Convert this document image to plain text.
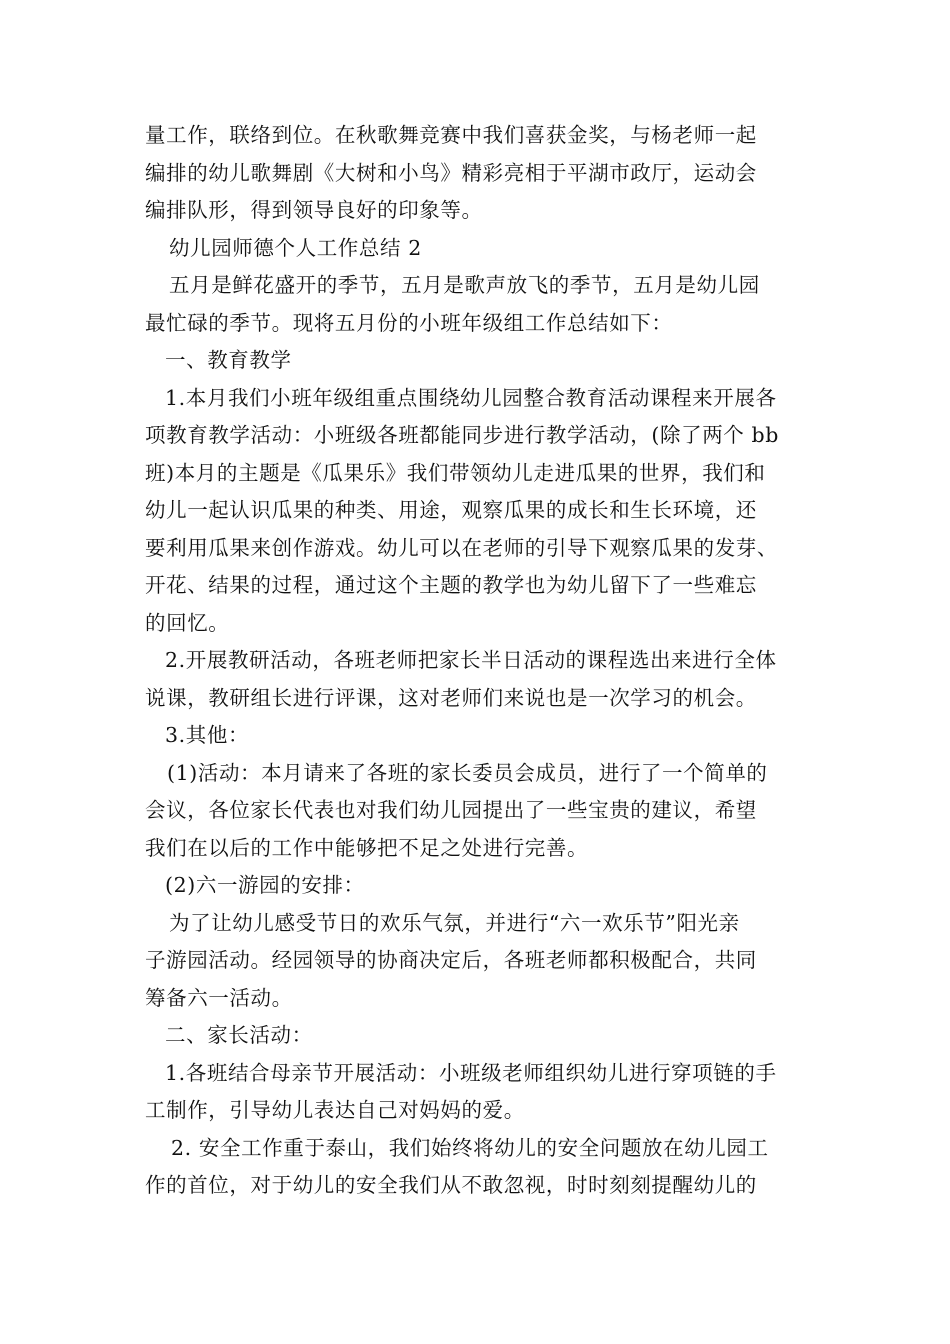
量工作，联络到位。在秋歌舞竞赛中我们喜获金奖，与杨老师一起
编排的幼儿歌舞剧《大树和小鸟》精彩亮相于平湖市政厅，运动会
编排队形，得到领导良好的印象等。
幼儿园师德个人工作总结 2
五月是鲜花盛开的季节，五月是歌声放飞的季节，五月是幼儿园
最忙碌的季节。现将五月份的小班年级组工作总结如下：
一、教育教学
1.本月我们小班年级组重点围绕幼儿园整合教育活动课程来开展各
项教育教学活动：小班级各班都能同步进行教学活动，(除了两个 bb
班)本月的主题是《瓜果乐》我们带领幼儿走进瓜果的世界，我们和
幼儿一起认识瓜果的种类、用途，观察瓜果的成长和生长环境，还
要利用瓜果来创作游戏。幼儿可以在老师的引导下观察瓜果的发芽、
开花、结果的过程，通过这个主题的教学也为幼儿留下了一些难忘
的回忆。
2.开展教研活动，各班老师把家长半日活动的课程选出来进行全体
说课，教研组长进行评课，这对老师们来说也是一次学习的机会。
3.其他：
(1)活动：本月请来了各班的家长委员会成员，进行了一个简单的
会议，各位家长代表也对我们幼儿园提出了一些宝贵的建议，希望
我们在以后的工作中能够把不足之处进行完善。
(2)六一游园的安排：
为了让幼儿感受节日的欢乐气氛，并进行“六一欢乐节”阳光亲
子游园活动。经园领导的协商决定后，各班老师都积极配合，共同
筹备六一活动。
二、家长活动：
1.各班结合母亲节开展活动：小班级老师组织幼儿进行穿项链的手
工制作，引导幼儿表达自己对妈妈的爱。
2. 安全工作重于泰山，我们始终将幼儿的安全问题放在幼儿园工
作的首位，对于幼儿的安全我们从不敢忽视，时时刻刻提醒幼儿的
